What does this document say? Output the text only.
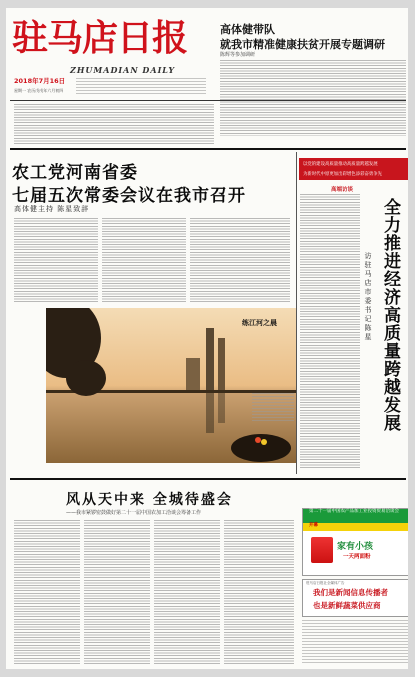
驻马店日报
ZHUMADIAN DAILY
2018年7月16日
星期一 农历戊戌年六月初四
高体健带队
就我市精准健康扶贫开展专题调研
陈辉等参加调研
农工党河南省委
七届五次常委会议在我市召开
高体健主持 陈星致辞
以党的建设高质量推动高质量跨越发展
为新时代中原更加出彩增色添彩奋勇争先
高端访谈
全力推进经济高质量跨越发展
访驻马店市委书记陈星
练江河之晨
风从天中来 全城待盛会
——我市紧锣密鼓做好第二十一届中国农加工洽谈会筹备工作	第二十一届中国农产品加工业投资贸易洽谈会
开幕
家有小孩
一天两面粉
驻马店日报社全媒体广告
我们是新闻信息传播者
也是新鲜蔬菜供应商
